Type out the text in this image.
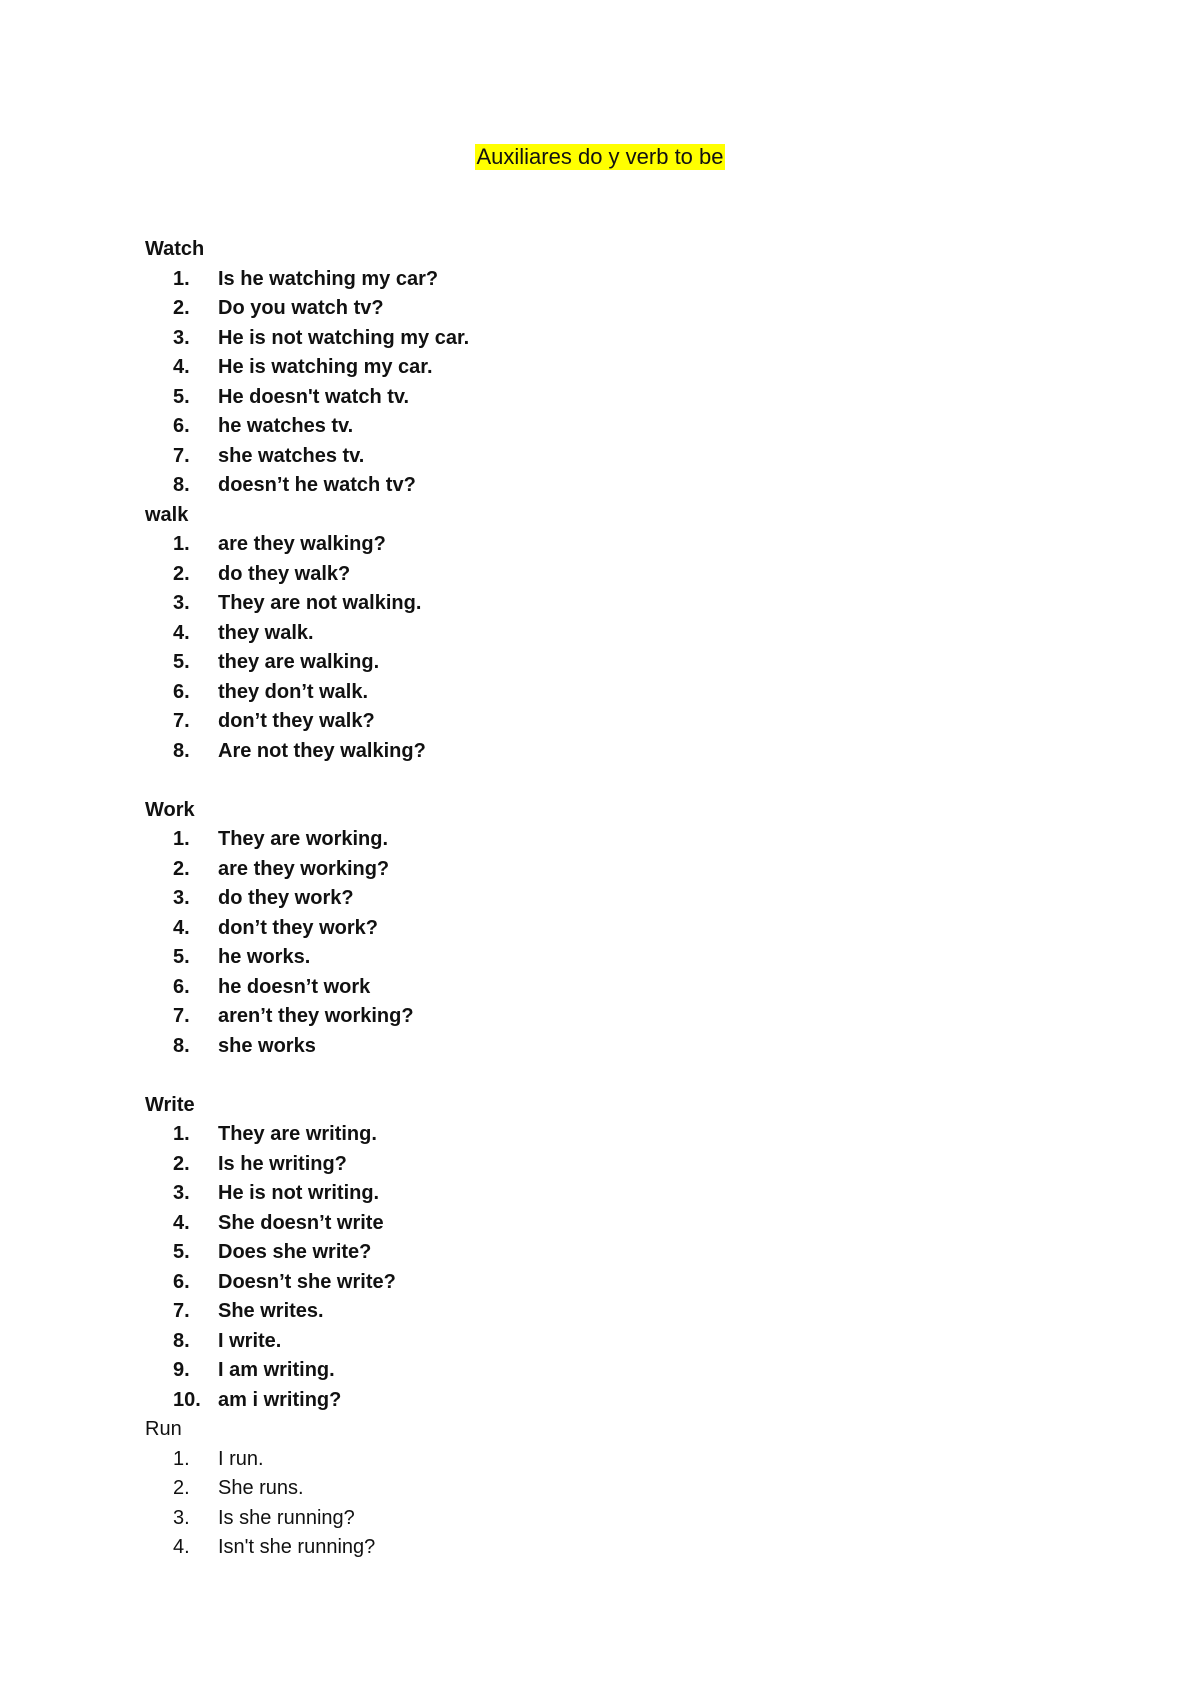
Auxiliares do y verb to be
Watch
1.	Is he watching my car?
2.	Do you watch tv?
3.	He is not watching my car.
4.	He is watching my car.
5.	He doesn't watch tv.
6.	he watches tv.
7.	she watches tv.
8.	doesn’t he watch tv?
walk
1.	are they walking?
2.	do they walk?
3.	They are not walking.
4.	they walk.
5.	they are walking.
6.	they don’t walk.
7.	don’t they walk?
8.	Are not they walking?
Work
1.	They are working.
2.	are they working?
3.	do they work?
4.	don’t they work?
5.	he works.
6.	he doesn’t work
7.	aren’t they working?
8.	she works
Write
1.	They are writing.
2.	Is he writing?
3.	He is not writing.
4.	She doesn’t write
5.	Does she write?
6.	Doesn’t she write?
7.	She writes.
8.	I write.
9.	I am writing.
10. am i writing?
Run
1.	I run.
2.	She runs.
3.	Is she running?
4.	Isn't she running?
